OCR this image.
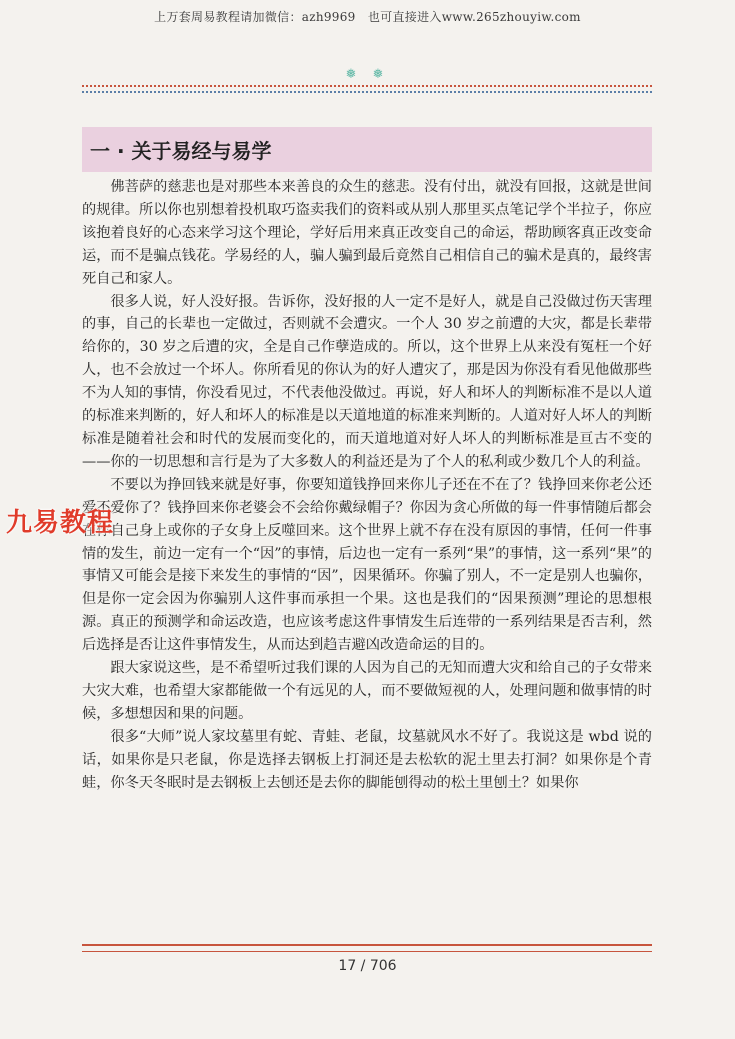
上万套周易教程请加微信：azh9969　也可直接进入www.265zhouyiw.com
❅ ❅
一 · 关于易经与易学

佛菩萨的慈悲也是对那些本来善良的众生的慈悲。没有付出，就没有回报，这就是世间的规律。所以你也别想着投机取巧盗卖我们的资料或从别人那里买点笔记学个半拉子，你应该抱着良好的心态来学习这个理论，学好后用来真正改变自己的命运，帮助顾客真正改变命运，而不是骗点钱花。学易经的人，骗人骗到最后竟然自己相信自己的骗术是真的，最终害死自己和家人。

很多人说，好人没好报。告诉你，没好报的人一定不是好人，就是自己没做过伤天害理的事，自己的长辈也一定做过，否则就不会遭灾。一个人 30 岁之前遭的大灾，都是长辈带给你的，30 岁之后遭的灾，全是自己作孽造成的。所以，这个世界上从来没有冤枉一个好人，也不会放过一个坏人。你所看见的你认为的好人遭灾了，那是因为你没有看见他做那些不为人知的事情，你没看见过，不代表他没做过。再说，好人和坏人的判断标准不是以人道的标准来判断的，好人和坏人的标准是以天道地道的标准来判断的。人道对好人坏人的判断标准是随着社会和时代的发展而变化的，而天道地道对好人坏人的判断标准是亘古不变的——你的一切思想和言行是为了大多数人的利益还是为了个人的私利或少数几个人的利益。

不要以为挣回钱来就是好事，你要知道钱挣回来你儿子还在不在了？钱挣回来你老公还爱不爱你了？钱挣回来你老婆会不会给你戴绿帽子？你因为贪心所做的每一件事情随后都会在你自己身上或你的子女身上反噬回来。这个世界上就不存在没有原因的事情，任何一件事情的发生，前边一定有一个“因”的事情，后边也一定有一系列“果”的事情，这一系列“果”的事情又可能会是接下来发生的事情的“因”，因果循环。你骗了别人，不一定是别人也骗你，但是你一定会因为你骗别人这件事而承担一个果。这也是我们的“因果预测”理论的思想根源。真正的预测学和命运改造，也应该考虑这件事情发生后连带的一系列结果是否吉利，然后选择是否让这件事情发生，从而达到趋吉避凶改造命运的目的。

跟大家说这些，是不希望听过我们课的人因为自己的无知而遭大灾和给自己的子女带来大灾大难，也希望大家都能做一个有远见的人，而不要做短视的人，处理问题和做事情的时候，多想想因和果的问题。

很多“大师”说人家坟墓里有蛇、青蛙、老鼠，坟墓就风水不好了。我说这是 wbd 说的话，如果你是只老鼠，你是选择去钢板上打洞还是去松软的泥土里去打洞？如果你是个青蛙，你冬天冬眠时是去钢板上去刨还是去你的脚能刨得动的松土里刨土？如果你

九易教程
17 / 706
